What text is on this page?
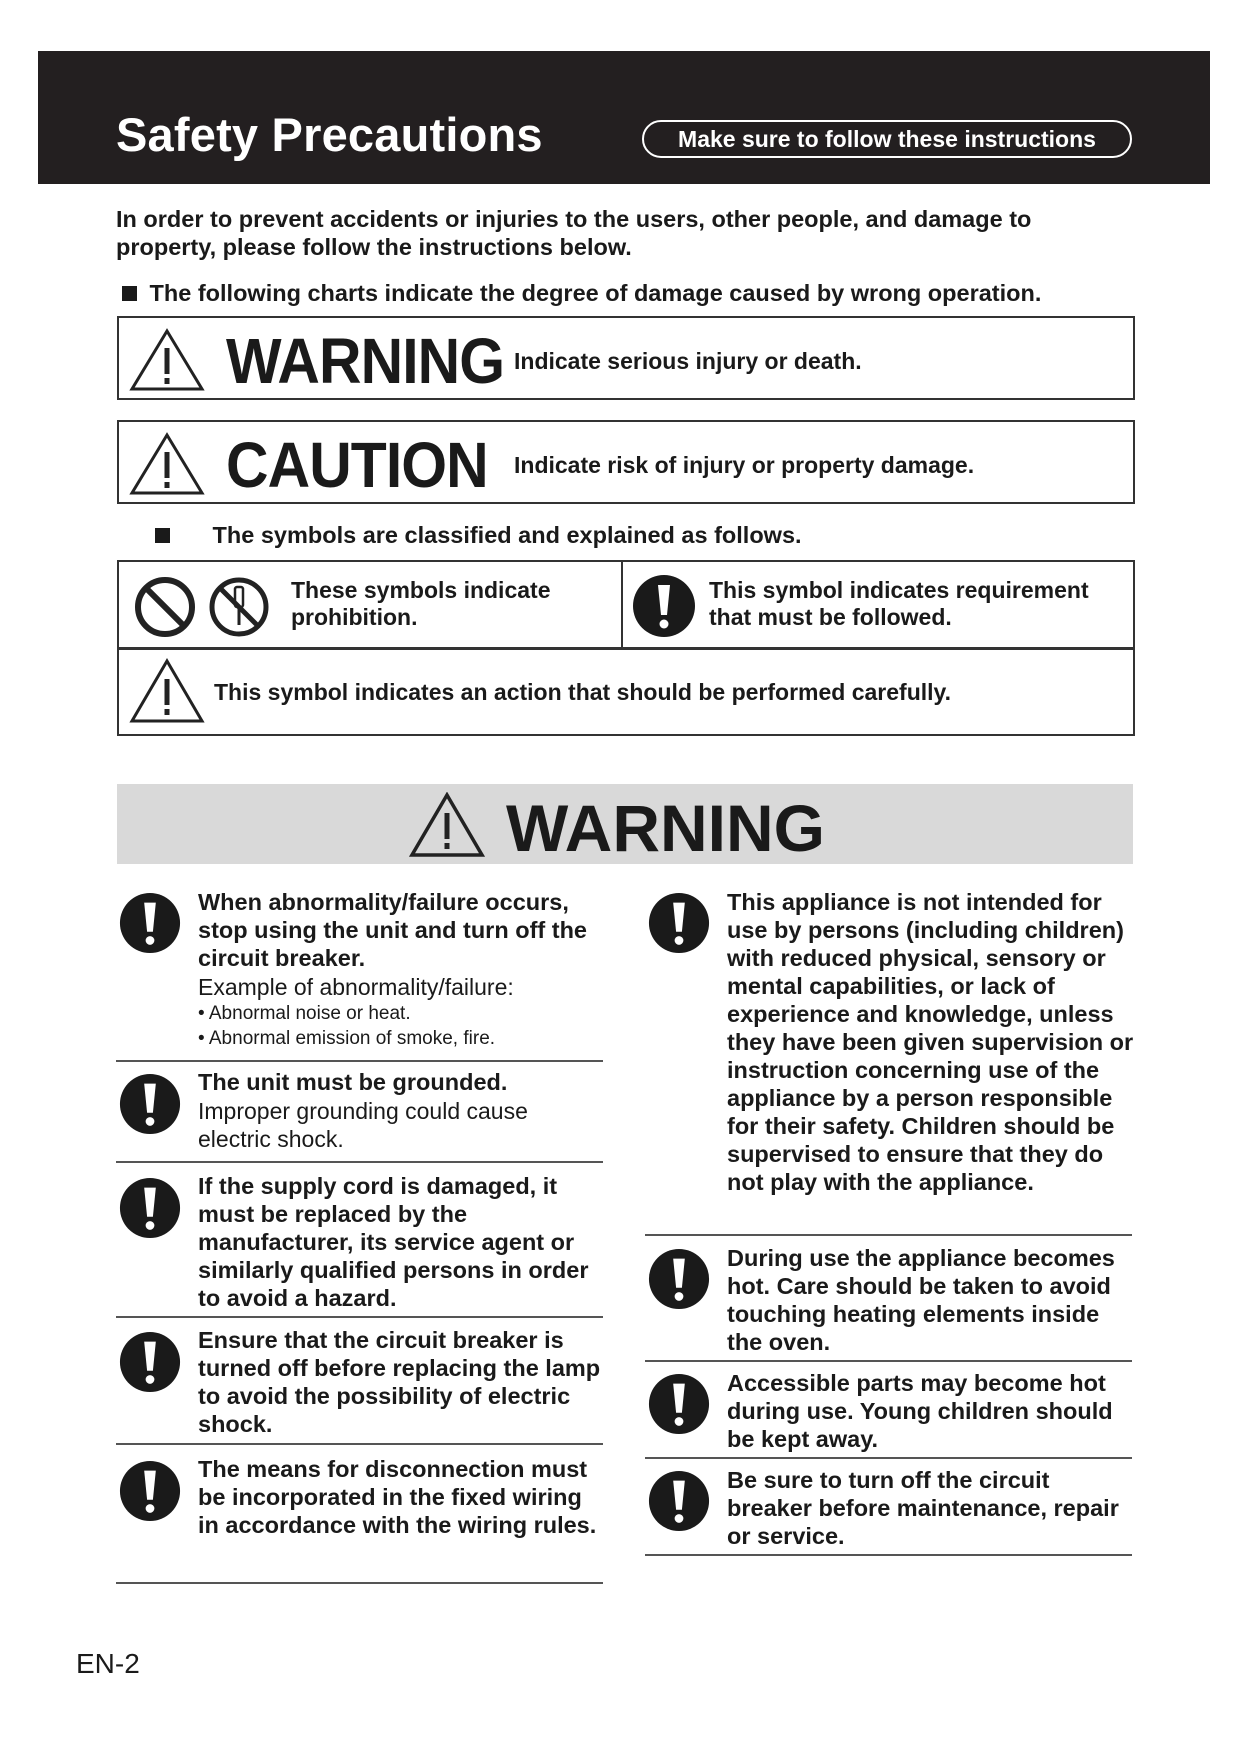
Safety Precautions	Make sure to follow these instructions
In order to prevent accidents or injuries to the users, other people, and damage to property, please follow the instructions below.
The following charts indicate the degree of damage caused by wrong operation.
WARNING Indicate serious injury or death.
CAUTION Indicate risk of injury or property damage.
The symbols are classified and explained as follows.
These symbols indicate prohibition.
This symbol indicates requirement that must be followed.
This symbol indicates an action that should be performed carefully.
WARNING
When abnormality/failure occurs, stop using the unit and turn off the circuit breaker.
Example of abnormality/failure:
• Abnormal noise or heat.
• Abnormal emission of smoke, fire.
The unit must be grounded.
Improper grounding could cause electric shock.
If the supply cord is damaged, it must be replaced by the manufacturer, its service agent or similarly qualified persons in order to avoid a hazard.
Ensure that the circuit breaker is turned off before replacing the lamp to avoid the possibility of electric shock.
The means for disconnection must be incorporated in the fixed wiring in accordance with the wiring rules.
This appliance is not intended for use by persons (including children) with reduced physical, sensory or mental capabilities, or lack of experience and knowledge, unless they have been given supervision or instruction concerning use of the appliance by a person responsible for their safety. Children should be supervised to ensure that they do not play with the appliance.
During use the appliance becomes hot. Care should be taken to avoid touching heating elements inside the oven.
Accessible parts may become hot during use. Young children should be kept away.
Be sure to turn off the circuit breaker before maintenance, repair or service.
EN-2
